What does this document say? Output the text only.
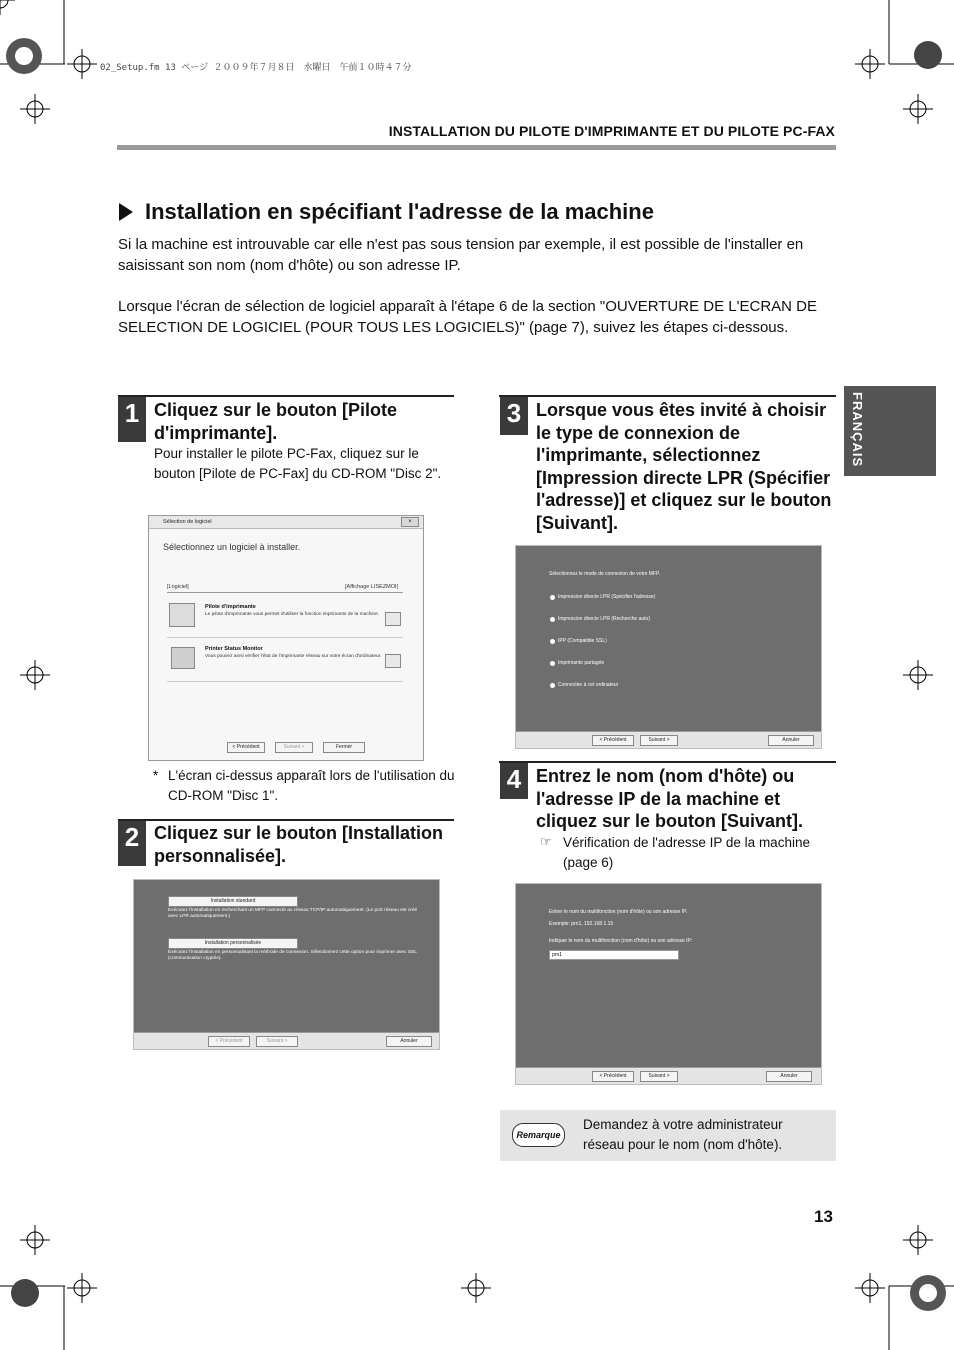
02_Setup.fm 13 ページ ２００９年７月８日　水曜日　午前１０時４７分
INSTALLATION DU PILOTE D'IMPRIMANTE ET DU PILOTE PC-FAX
Installation en spécifiant l'adresse de la machine
Si la machine est introuvable car elle n'est pas sous tension par exemple, il est possible de l'installer en saisissant son nom (nom d'hôte) ou son adresse IP.
Lorsque l'écran de sélection de logiciel apparaît à l'étape 6 de la section "OUVERTURE DE L'ECRAN DE SELECTION DE LOGICIEL (POUR TOUS LES LOGICIELS)" (page 7), suivez les étapes ci-dessous.
FRANÇAIS
1 Cliquez sur le bouton [Pilote d'imprimante].
Pour installer le pilote PC-Fax, cliquez sur le bouton [Pilote de PC-Fax] du CD-ROM "Disc 2".
Sélection de logiciel	×
Sélectionnez un logiciel à installer.
[Logiciel]	[Affichage LISEZMOI]
Pilote d'imprimante
Le pilote d'imprimante vous permet d'utiliser la fonction imprimante de la machine.
Printer Status Monitor
Vous pouvez ainsi vérifier l'état de l'imprimante réseau sur votre écran d'ordinateur.
< Précédent	Suivant >	Fermer
* L'écran ci-dessus apparaît lors de l'utilisation du CD-ROM "Disc 1".
2 Cliquez sur le bouton [Installation personnalisée].
Installation standard
Exécutez l'installation en recherchant un MFP connecté au réseau TCP/IP automatiquement. (Le port réseau est créé avec LPR automatiquement.)
Installation personnalisée
Exécutez l'installation en personnalisant la méthode de connexion. Sélectionnez cette option pour imprimer avec SSL (communication cryptée).
< Précédent	Suivant >	Annuler
3 Lorsque vous êtes invité à choisir le type de connexion de l'imprimante, sélectionnez [Impression directe LPR (Spécifier l'adresse)] et cliquez sur le bouton [Suivant].
Sélectionnez le mode de connexion de votre MFP.
Impression directe LPR (Spécifier l'adresse)
Impression directe LPR (Recherche auto)
IPP (Compatible SSL)
Imprimante partagée
Connectée à cet ordinateur
< Précédent	Suivant >	Annuler
4 Entrez le nom (nom d'hôte) ou l'adresse IP de la machine et cliquez sur le bouton [Suivant].
☞ Vérification de l'adresse IP de la machine (page 6)
Entrer le nom du multifonction (nom d'hôte) ou son adresse IP.
Exemple: prn1, 192.168.1.15
Indiquer le nom du multifonction (nom d'hôte) ou son adresse IP:
prn1
< Précédent	Suivant >	Annuler
Remarque
Demandez à votre administrateur réseau pour le nom (nom d'hôte).
13
